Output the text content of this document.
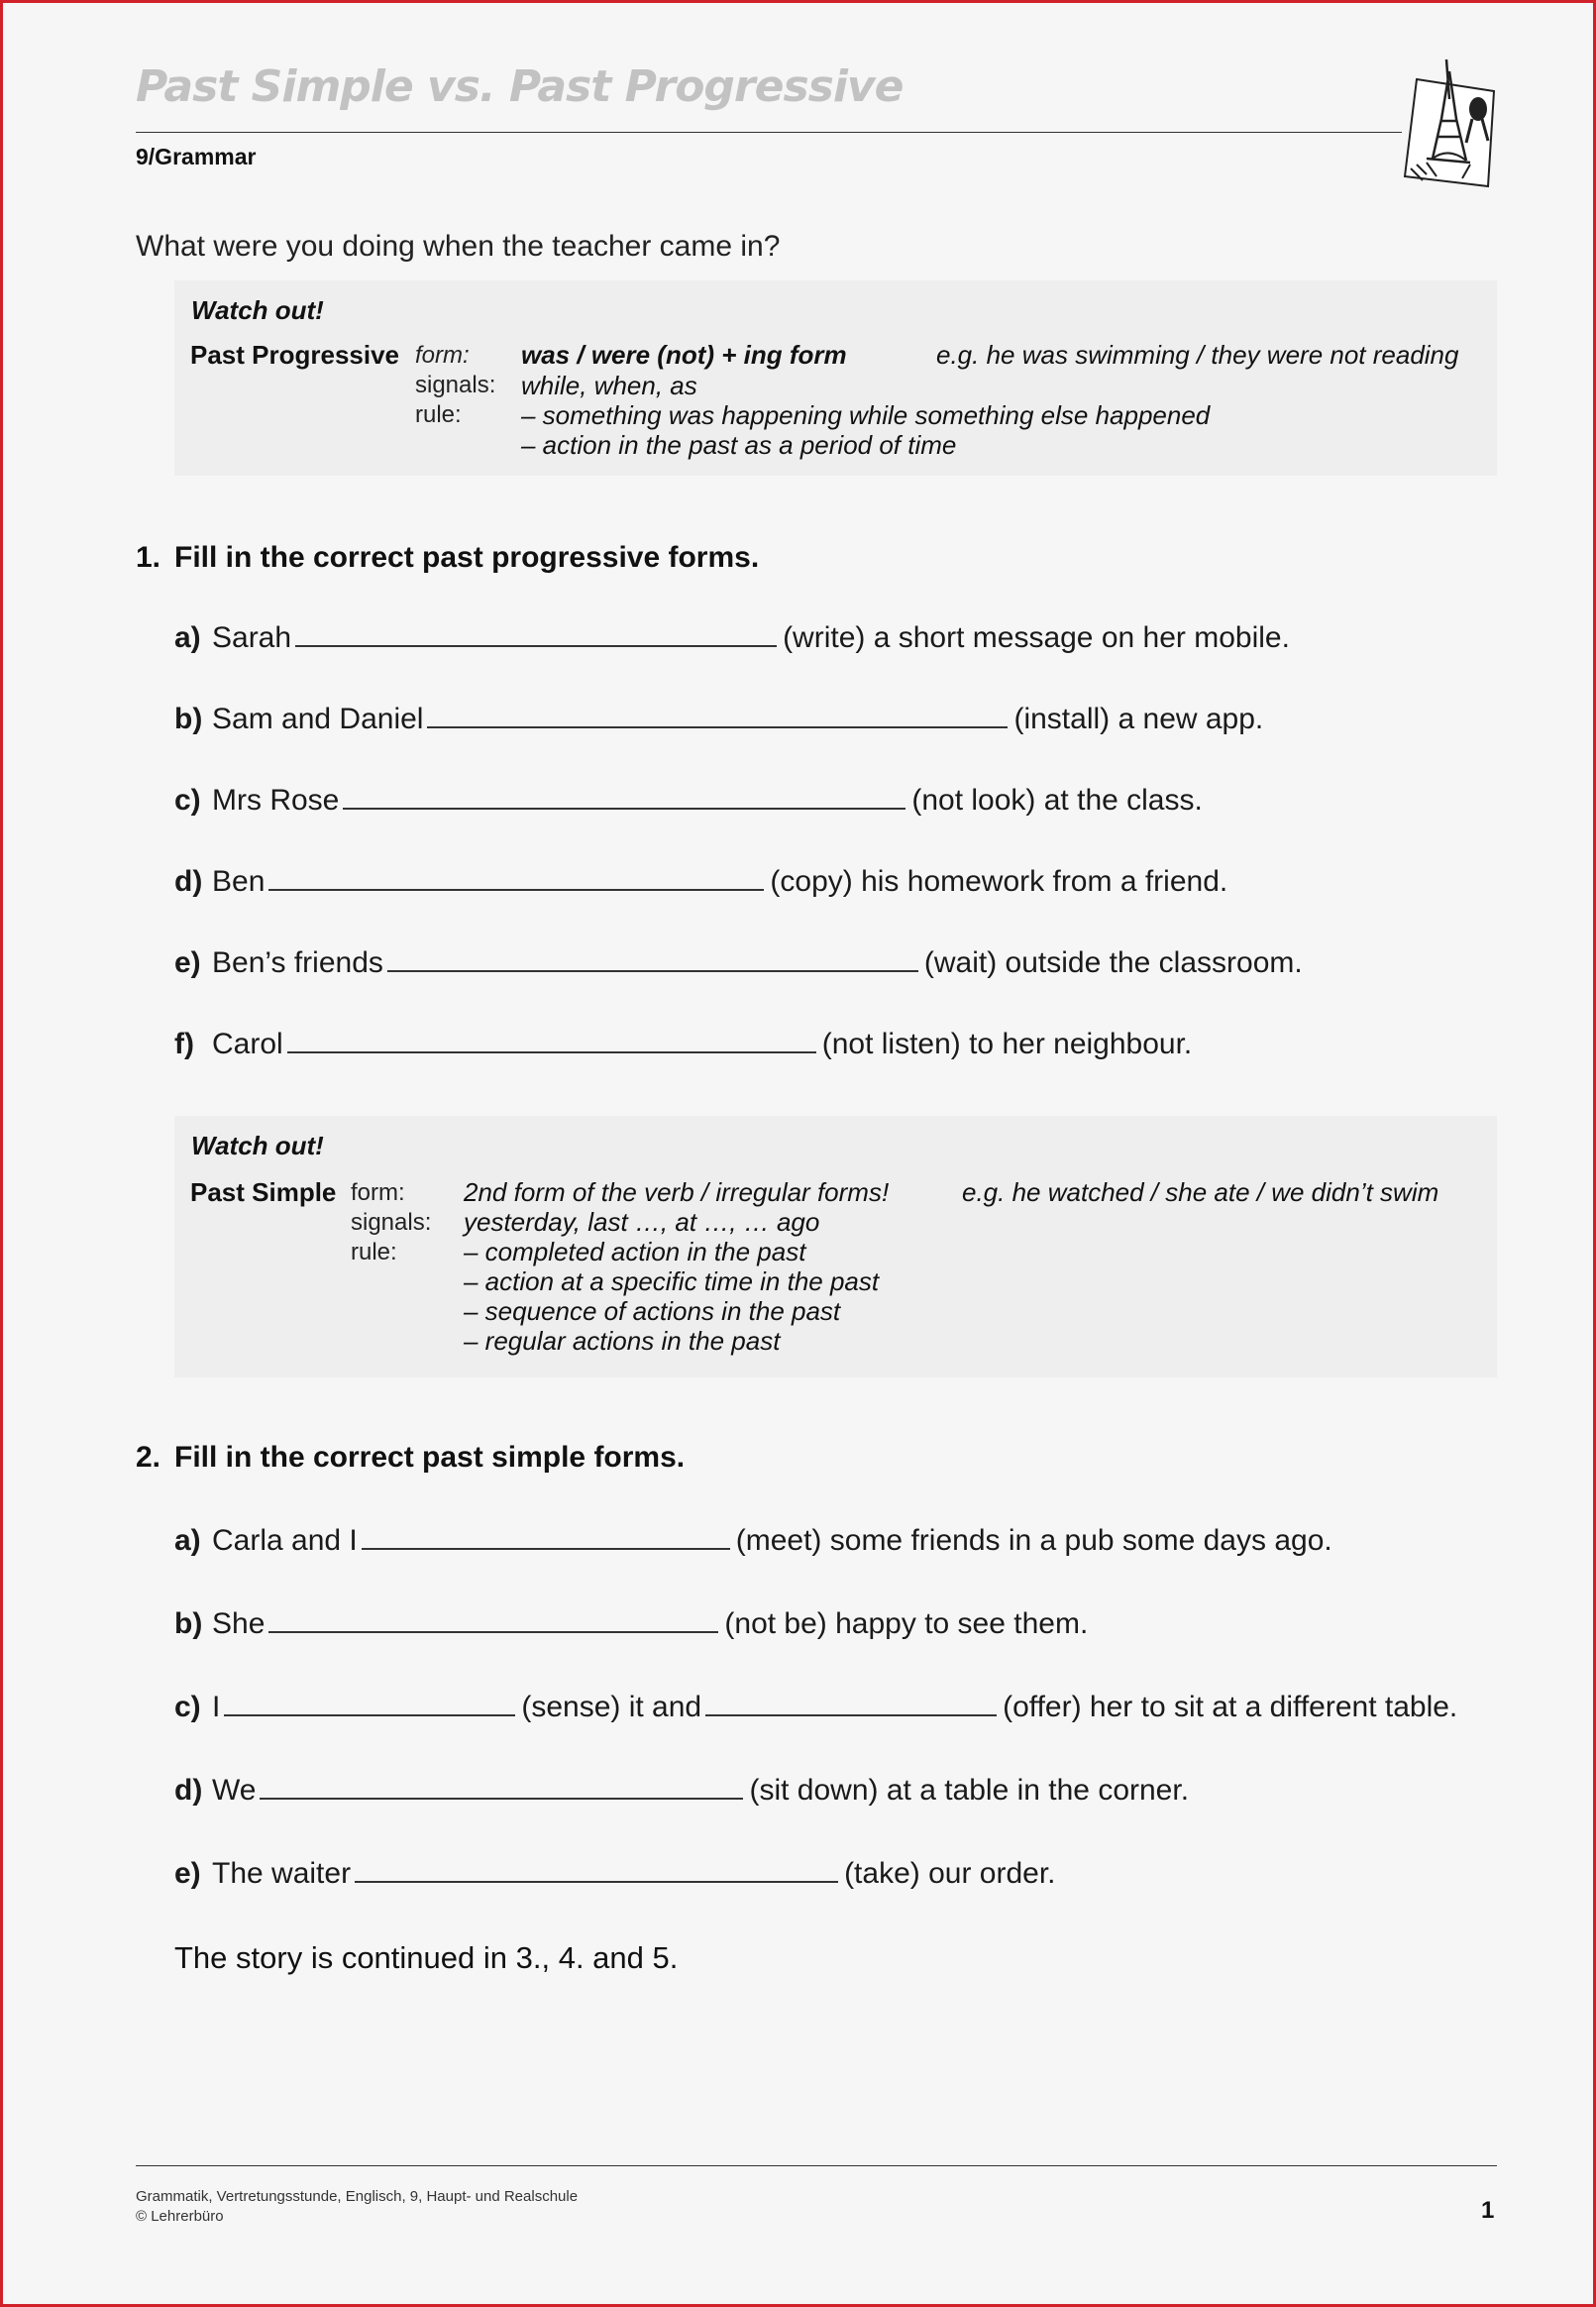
Past Simple vs. Past Progressive
9/Grammar
What were you doing when the teacher came in?
Watch out!
Past Progressive form: was / were (not) + ing form	e.g. he was swimming / they were not reading
signals: while, when, as
rule: – something was happening while something else happened
– action in the past as a period of time
1. Fill in the correct past progressive forms.
a) Sarah	(write) a short message on her mobile.
b) Sam and Daniel	(install) a new app.
c) Mrs Rose	(not look) at the class.
d) Ben	(copy) his homework from a friend.
e) Ben’s friends	(wait) outside the classroom.
f) Carol	(not listen) to her neighbour.
Watch out!
Past Simple form: 2nd form of the verb / irregular forms!	e.g. he watched / she ate / we didn’t swim
signals: yesterday, last …, at …, … ago
rule:	– completed action in the past
– action at a specific time in the past
– sequence of actions in the past
– regular actions in the past
2. Fill in the correct past simple forms.
a) Carla and I	(meet) some friends in a pub some days ago.
b) She	(not be) happy to see them.
c) I	(sense) it and	(offer) her to sit at a different table.
d) We	(sit down) at a table in the corner.
e) The waiter	(take) our order.
The story is continued in 3., 4. and 5.
Grammatik, Vertretungsstunde, Englisch, 9, Haupt- und Realschule
© Lehrerbüro	1
